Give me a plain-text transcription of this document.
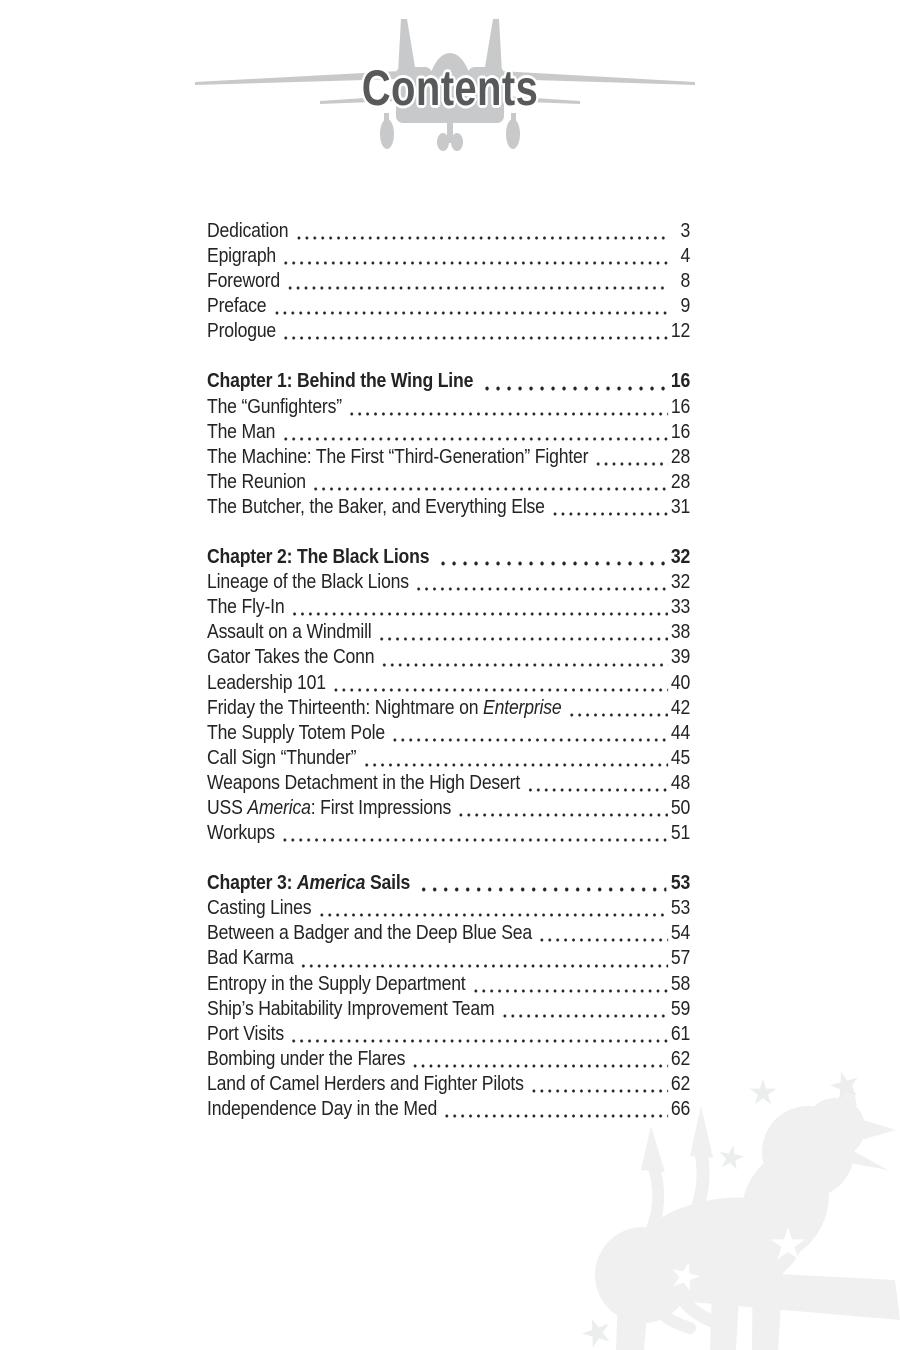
Contents
Dedication	3
Epigraph	4
Foreword	8
Preface	9
Prologue	12
Chapter 1: Behind the Wing Line	16
The “Gunfighters”	16
The Man	16
The Machine: The First “Third-Generation” Fighter	28
The Reunion	28
The Butcher, the Baker, and Everything Else	31
Chapter 2: The Black Lions	32
Lineage of the Black Lions	32
The Fly-In	33
Assault on a Windmill	38
Gator Takes the Conn	39
Leadership 101	40
Friday the Thirteenth: Nightmare on Enterprise	42
The Supply Totem Pole	44
Call Sign “Thunder”	45
Weapons Detachment in the High Desert	48
USS America: First Impressions	50
Workups	51
Chapter 3: America Sails	53
Casting Lines	53
Between a Badger and the Deep Blue Sea	54
Bad Karma	57
Entropy in the Supply Department	58
Ship’s Habitability Improvement Team	59
Port Visits	61
Bombing under the Flares	62
Land of Camel Herders and Fighter Pilots	62
Independence Day in the Med	66
